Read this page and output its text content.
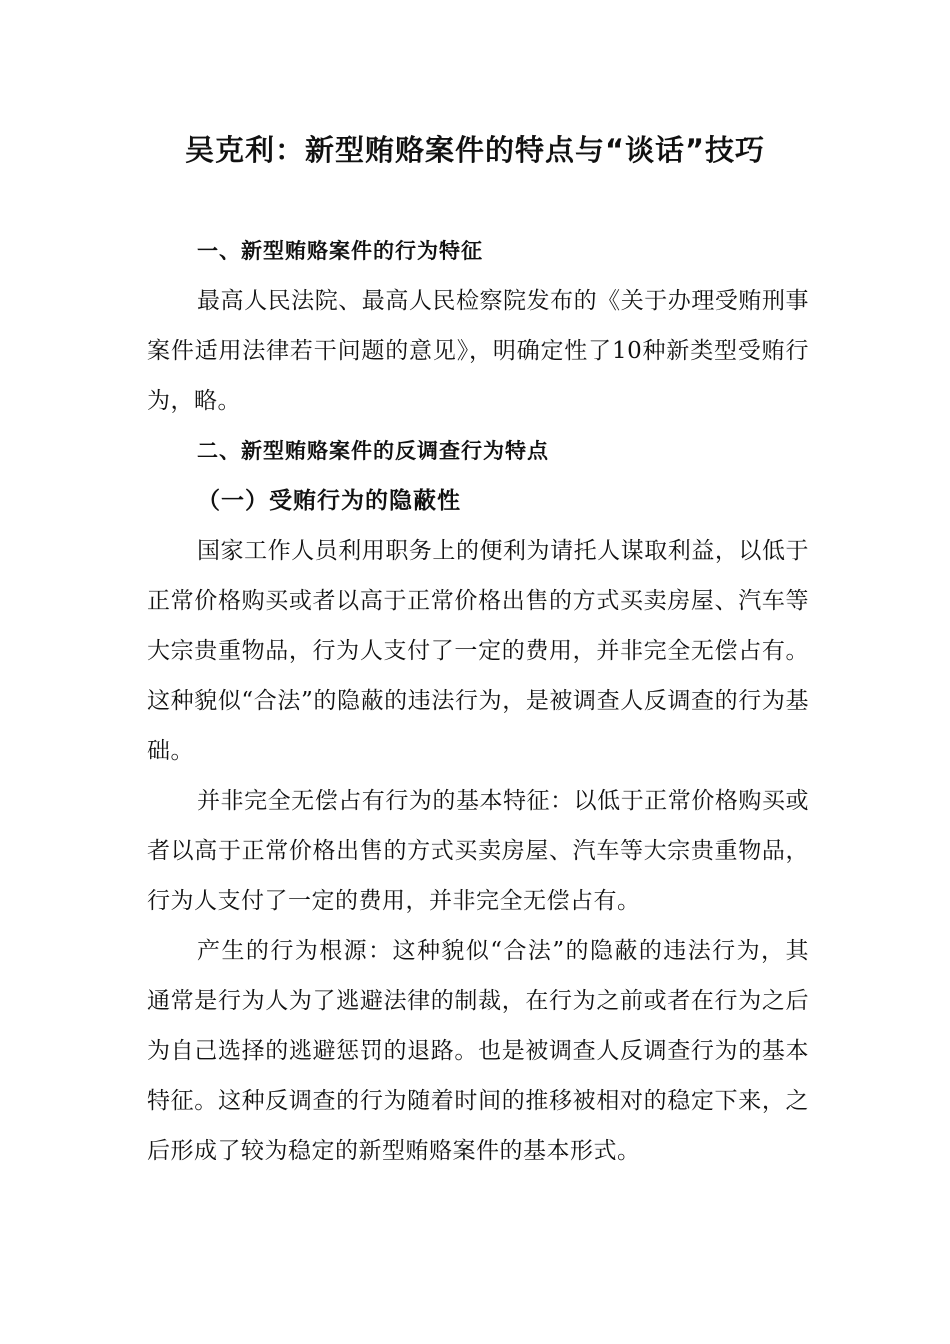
吴克利：新型贿赂案件的特点与“谈话”技巧
一、新型贿赂案件的行为特征

最高人民法院、最高人民检察院发布的《关于办理受贿刑事案件适用法律若干问题的意见》，明确定性了10种新类型受贿行为，略。

二、新型贿赂案件的反调查行为特点
（一）受贿行为的隐蔽性

国家工作人员利用职务上的便利为请托人谋取利益，以低于正常价格购买或者以高于正常价格出售的方式买卖房屋、汽车等大宗贵重物品，行为人支付了一定的费用，并非完全无偿占有。这种貌似“合法”的隐蔽的违法行为，是被调查人反调查的行为基础。

并非完全无偿占有行为的基本特征：以低于正常价格购买或者以高于正常价格出售的方式买卖房屋、汽车等大宗贵重物品，行为人支付了一定的费用，并非完全无偿占有。

产生的行为根源：这种貌似“合法”的隐蔽的违法行为，其通常是行为人为了逃避法律的制裁，在行为之前或者在行为之后为自己选择的逃避惩罚的退路。也是被调查人反调查行为的基本特征。这种反调查的行为随着时间的推移被相对的稳定下来，之后形成了较为稳定的新型贿赂案件的基本形式。
